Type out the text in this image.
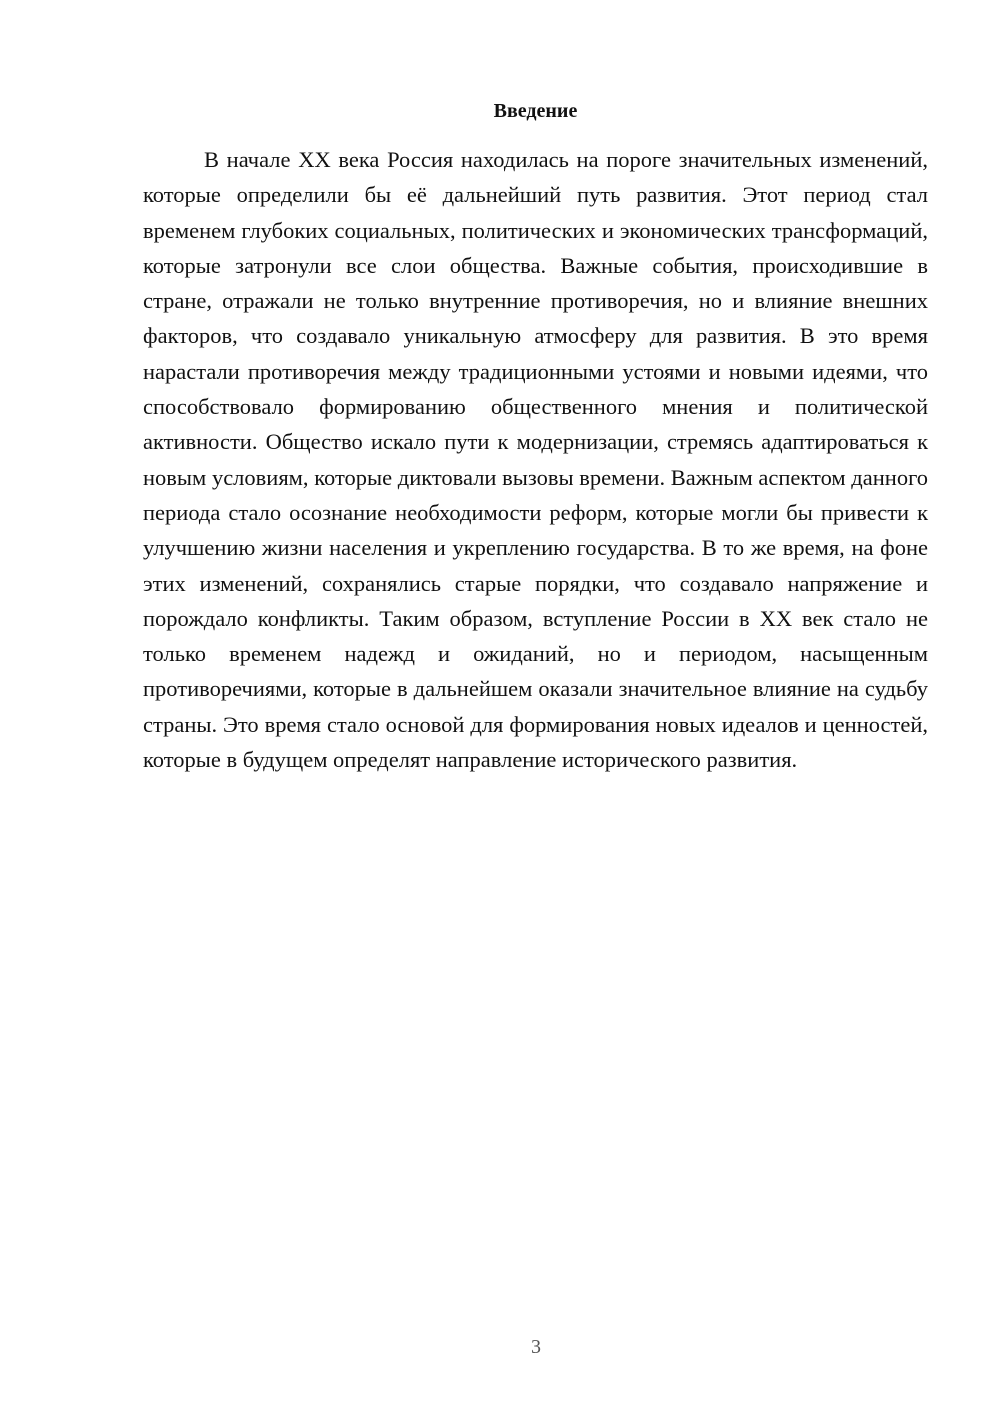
Введение

В начале XX века Россия находилась на пороге значительных изменений, которые определили бы её дальнейший путь развития. Этот период стал временем глубоких социальных, политических и экономических трансформаций, которые затронули все слои общества. Важные события, происходившие в стране, отражали не только внутренние противоречия, но и влияние внешних факторов, что создавало уникальную атмосферу для развития. В это время нарастали противоречия между традиционными устоями и новыми идеями, что способствовало формированию общественного мнения и политической активности. Общество искало пути к модернизации, стремясь адаптироваться к новым условиям, которые диктовали вызовы времени. Важным аспектом данного периода стало осознание необходимости реформ, которые могли бы привести к улучшению жизни населения и укреплению государства. В то же время, на фоне этих изменений, сохранялись старые порядки, что создавало напряжение и порождало конфликты. Таким образом, вступление России в XX век стало не только временем надежд и ожиданий, но и периодом, насыщенным противоречиями, которые в дальнейшем оказали значительное влияние на судьбу страны. Это время стало основой для формирования новых идеалов и ценностей, которые в будущем определят направление исторического развития.

3
